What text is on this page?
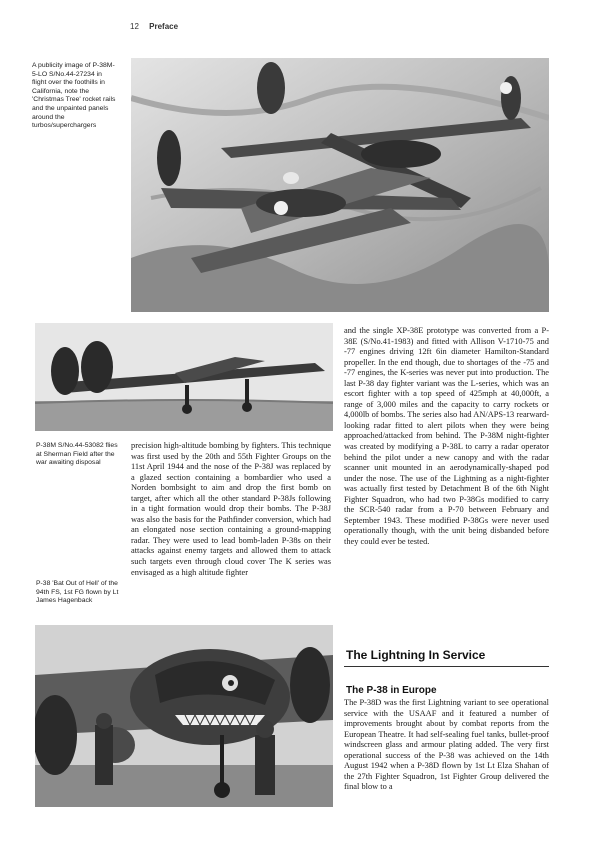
12 Preface
A publicity image of P-38M-5-LO S/No.44-27234 in flight over the foothills in California, note the 'Christmas Tree' rocket rails and the unpainted panels around the turbos/superchargers
P-38M S/No.44-53082 flies at Sherman Field after the war awaiting disposal
P-38 'Bat Out of Hell' of the 94th FS, 1st FG flown by Lt James Hagenback

precision high-altitude bombing by fighters. This technique was first used by the 20th and 55th Fighter Groups on the 11st April 1944 and the nose of the P-38J was replaced by a glazed section containing a bombardier who used a Norden bombsight to aim and drop the first bomb on target, after which all the other standard P-38Js following in a tight formation would drop their bombs. The P-38J was also the basis for the Pathfinder conversion, which had an elongated nose section containing a ground-mapping radar. They were used to lead bomb-laden P-38s on their attacks against enemy targets and allowed them to attack such targets even through cloud cover The K series was envisaged as a high altitude fighter

and the single XP-38E prototype was converted from a P-38E (S/No.41-1983) and fitted with Allison V-1710-75 and -77 engines driving 12ft 6in diameter Hamilton-Standard propeller. In the end though, due to shortages of the -75 and -77 engines, the K-series was never put into production. The last P-38 day fighter variant was the L-series, which was an escort fighter with a top speed of 425mph at 40,000ft, a range of 3,000 miles and the capacity to carry rockets or 4,000lb of bombs. The series also had AN/APS-13 rearward-looking radar fitted to alert pilots when they were being approached/attacked from behind. The P-38M night-fighter was created by modifying a P-38L to carry a radar operator behind the pilot under a new canopy and with the radar scanner unit mounted in an aerodynamically-shaped pod under the nose. The use of the Lightning as a night-fighter was actually first tested by Detachment B of the 6th Night Fighter Squadron, who had two P-38Gs modified to carry the SCR-540 radar from a P-70 between February and September 1943. These modified P-38Gs were never used operationally though, with the unit being disbanded before they could ever be tested.

The Lightning In Service
The P-38 in Europe

The P-38D was the first Lightning variant to see operational service with the USAAF and it featured a number of improvements brought about by combat reports from the European Theatre. It had self-sealing fuel tanks, bullet-proof windscreen glass and armour plating added. The very first operational success of the P-38 was achieved on the 14th August 1942 when a P-38D flown by 1st Lt Elza Shahan of the 27th Fighter Squadron, 1st Fighter Group delivered the final blow to a
